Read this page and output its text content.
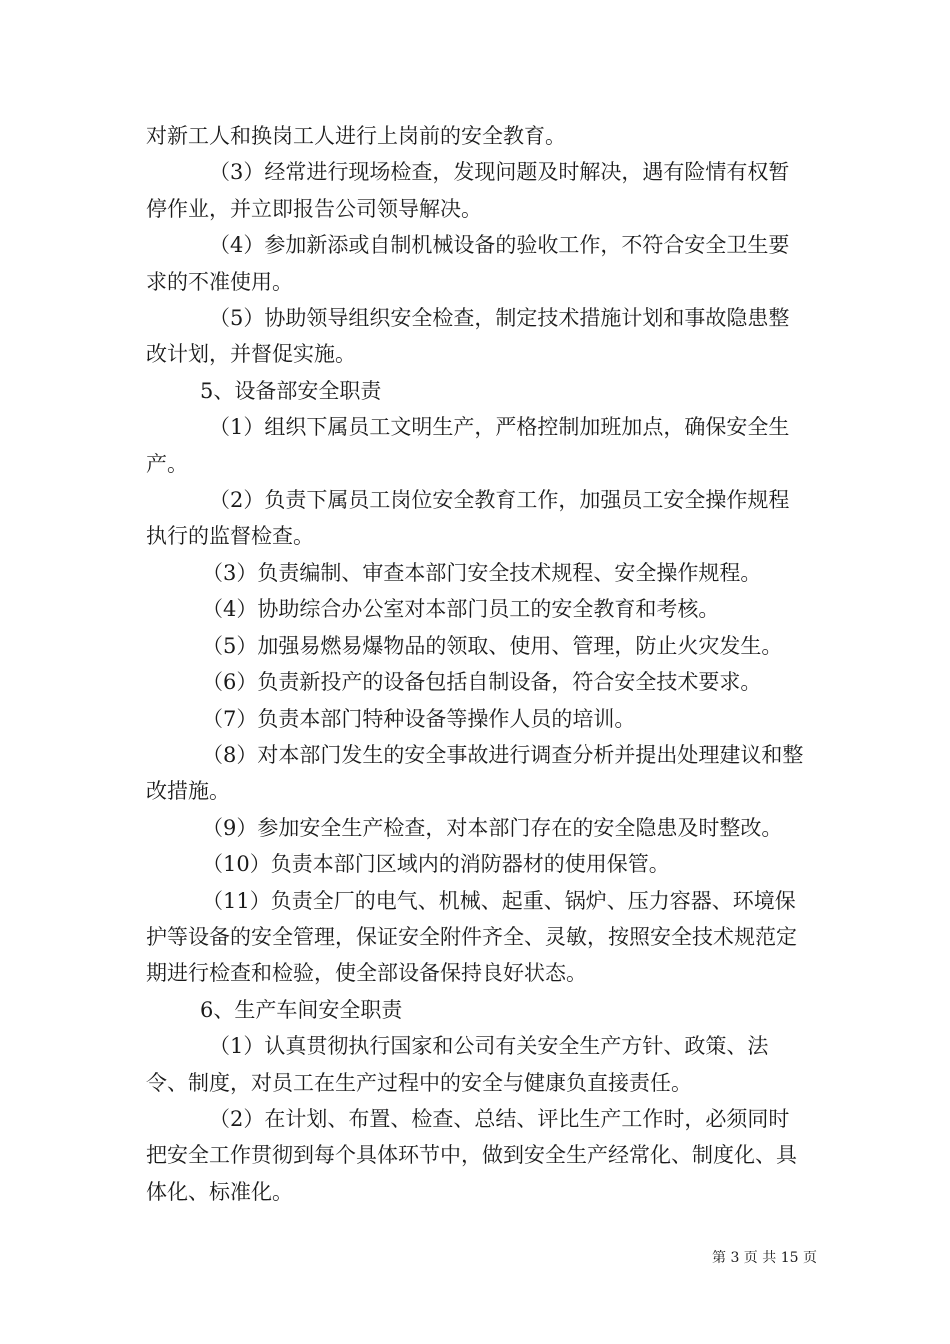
对新工人和换岗工人进行上岗前的安全教育。

（3）经常进行现场检查，发现问题及时解决，遇有险情有权暂停作业，并立即报告公司领导解决。

（4）参加新添或自制机械设备的验收工作，不符合安全卫生要求的不准使用。

（5）协助领导组织安全检查，制定技术措施计划和事故隐患整改计划，并督促实施。

5、设备部安全职责

（1）组织下属员工文明生产，严格控制加班加点，确保安全生产。

（2）负责下属员工岗位安全教育工作，加强员工安全操作规程执行的监督检查。

（3）负责编制、审查本部门安全技术规程、安全操作规程。

（4）协助综合办公室对本部门员工的安全教育和考核。

（5）加强易燃易爆物品的领取、使用、管理，防止火灾发生。

（6）负责新投产的设备包括自制设备，符合安全技术要求。

（7）负责本部门特种设备等操作人员的培训。

（8）对本部门发生的安全事故进行调查分析并提出处理建议和整改措施。

（9）参加安全生产检查，对本部门存在的安全隐患及时整改。

（10）负责本部门区域内的消防器材的使用保管。

（11）负责全厂的电气、机械、起重、锅炉、压力容器、环境保护等设备的安全管理，保证安全附件齐全、灵敏，按照安全技术规范定期进行检查和检验，使全部设备保持良好状态。

6、生产车间安全职责

（1）认真贯彻执行国家和公司有关安全生产方针、政策、法令、制度，对员工在生产过程中的安全与健康负直接责任。

（2）在计划、布置、检查、总结、评比生产工作时，必须同时把安全工作贯彻到每个具体环节中，做到安全生产经常化、制度化、具体化、标准化。

第 3 页 共 15 页
